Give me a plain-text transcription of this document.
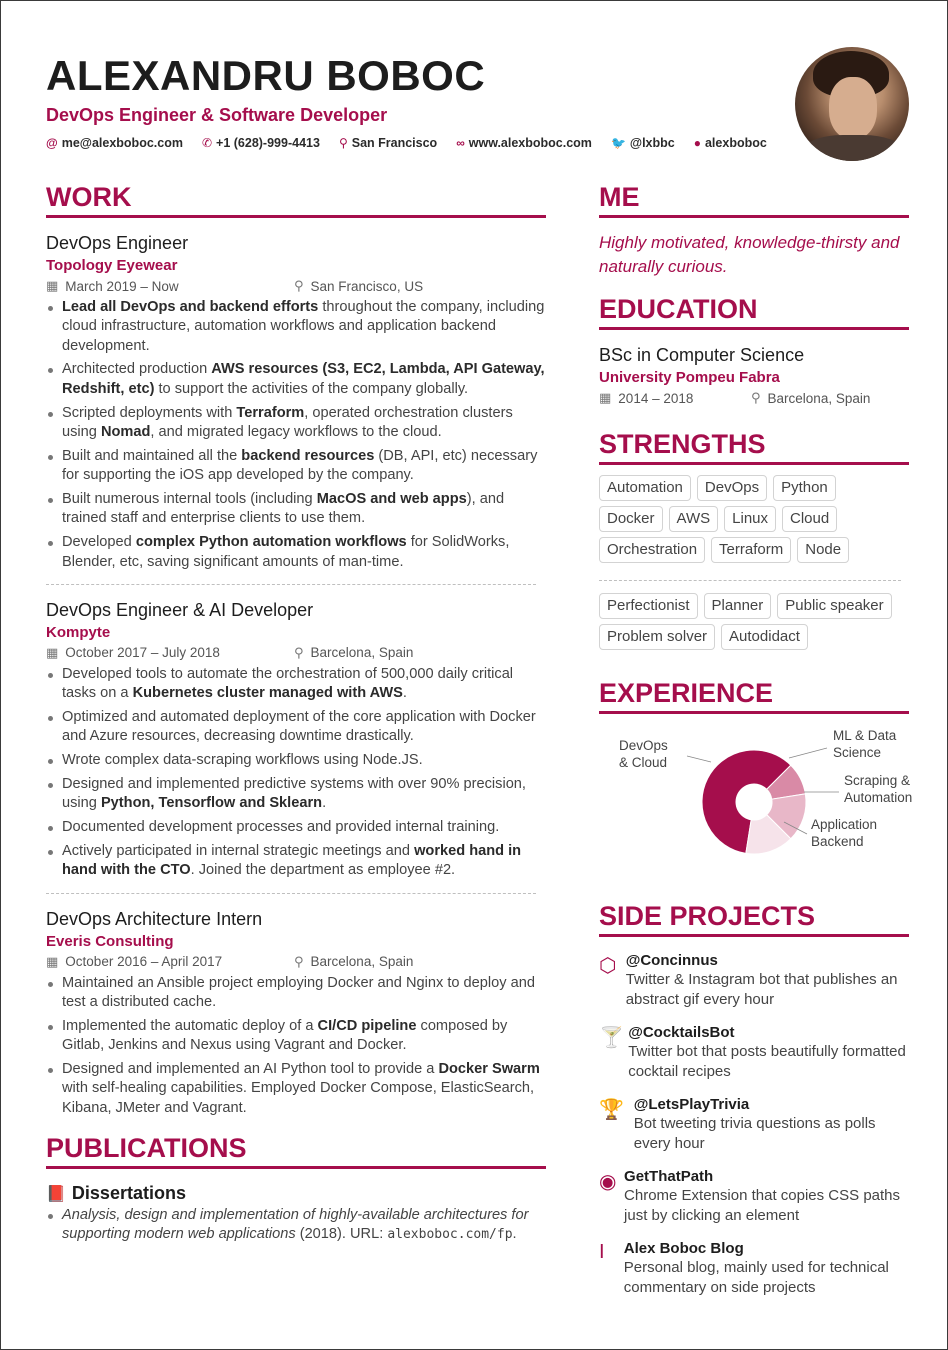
ALEXANDRU BOBOC
DevOps Engineer & Software Developer
@ me@alexboboc.com ✆ +1 (628)-999-4413 ⚲ San Francisco ∞ www.alexboboc.com 🐦 @lxbbc ● alexboboc
WORK
DevOps Engineer
Topology Eyewear
▦ March 2019 – Now	⚲ San Francisco, US
Lead all DevOps and backend efforts throughout the company, including cloud infrastructure, automation workflows and application backend development.
Architected production AWS resources (S3, EC2, Lambda, API Gateway, Redshift, etc) to support the activities of the company globally.
Scripted deployments with Terraform, operated orchestration clusters using Nomad, and migrated legacy workflows to the cloud.
Built and maintained all the backend resources (DB, API, etc) necessary for supporting the iOS app developed by the company.
Built numerous internal tools (including MacOS and web apps), and trained staff and enterprise clients to use them.
Developed complex Python automation workflows for SolidWorks, Blender, etc, saving significant amounts of man-time.
DevOps Engineer & AI Developer
Kompyte
▦ October 2017 – July 2018	⚲ Barcelona, Spain
Developed tools to automate the orchestration of 500,000 daily critical tasks on a Kubernetes cluster managed with AWS.
Optimized and automated deployment of the core application with Docker and Azure resources, decreasing downtime drastically.
Wrote complex data-scraping workflows using Node.JS.
Designed and implemented predictive systems with over 90% precision, using Python, Tensorflow and Sklearn.
Documented development processes and provided internal training.
Actively participated in internal strategic meetings and worked hand in hand with the CTO. Joined the department as employee #2.
DevOps Architecture Intern
Everis Consulting
▦ October 2016 – April 2017	⚲ Barcelona, Spain
Maintained an Ansible project employing Docker and Nginx to deploy and test a distributed cache.
Implemented the automatic deploy of a CI/CD pipeline composed by Gitlab, Jenkins and Nexus using Vagrant and Docker.
Designed and implemented an AI Python tool to provide a Docker Swarm with self-healing capabilities. Employed Docker Compose, ElasticSearch, Kibana, JMeter and Vagrant.
PUBLICATIONS
📕 Dissertations
Analysis, design and implementation of highly-available architectures for supporting modern web applications (2018). URL: alexboboc.com/fp.
ME
Highly motivated, knowledge-thirsty and naturally curious.
EDUCATION
BSc in Computer Science
University Pompeu Fabra
▦ 2014 – 2018	⚲ Barcelona, Spain
STRENGTHS
Automation	DevOps	Python
Docker	AWS	Linux	Cloud
Orchestration	Terraform	Node
Perfectionist	Planner	Public speaker
Problem solver	Autodidact
EXPERIENCE
DevOps
& Cloud
ML & Data
Science
Scraping &
Automation
Application
Backend
SIDE PROJECTS
⬡ @Concinnus
Twitter & Instagram bot that publishes an abstract gif every hour
🍸 @CocktailsBot
Twitter bot that posts beautifully formatted cocktail recipes
🏆 @LetsPlayTrivia
Bot tweeting trivia questions as polls every hour
◉ GetThatPath
Chrome Extension that copies CSS paths just by clicking an element
I	Alex Boboc Blog
Personal blog, mainly used for technical commentary on side projects
